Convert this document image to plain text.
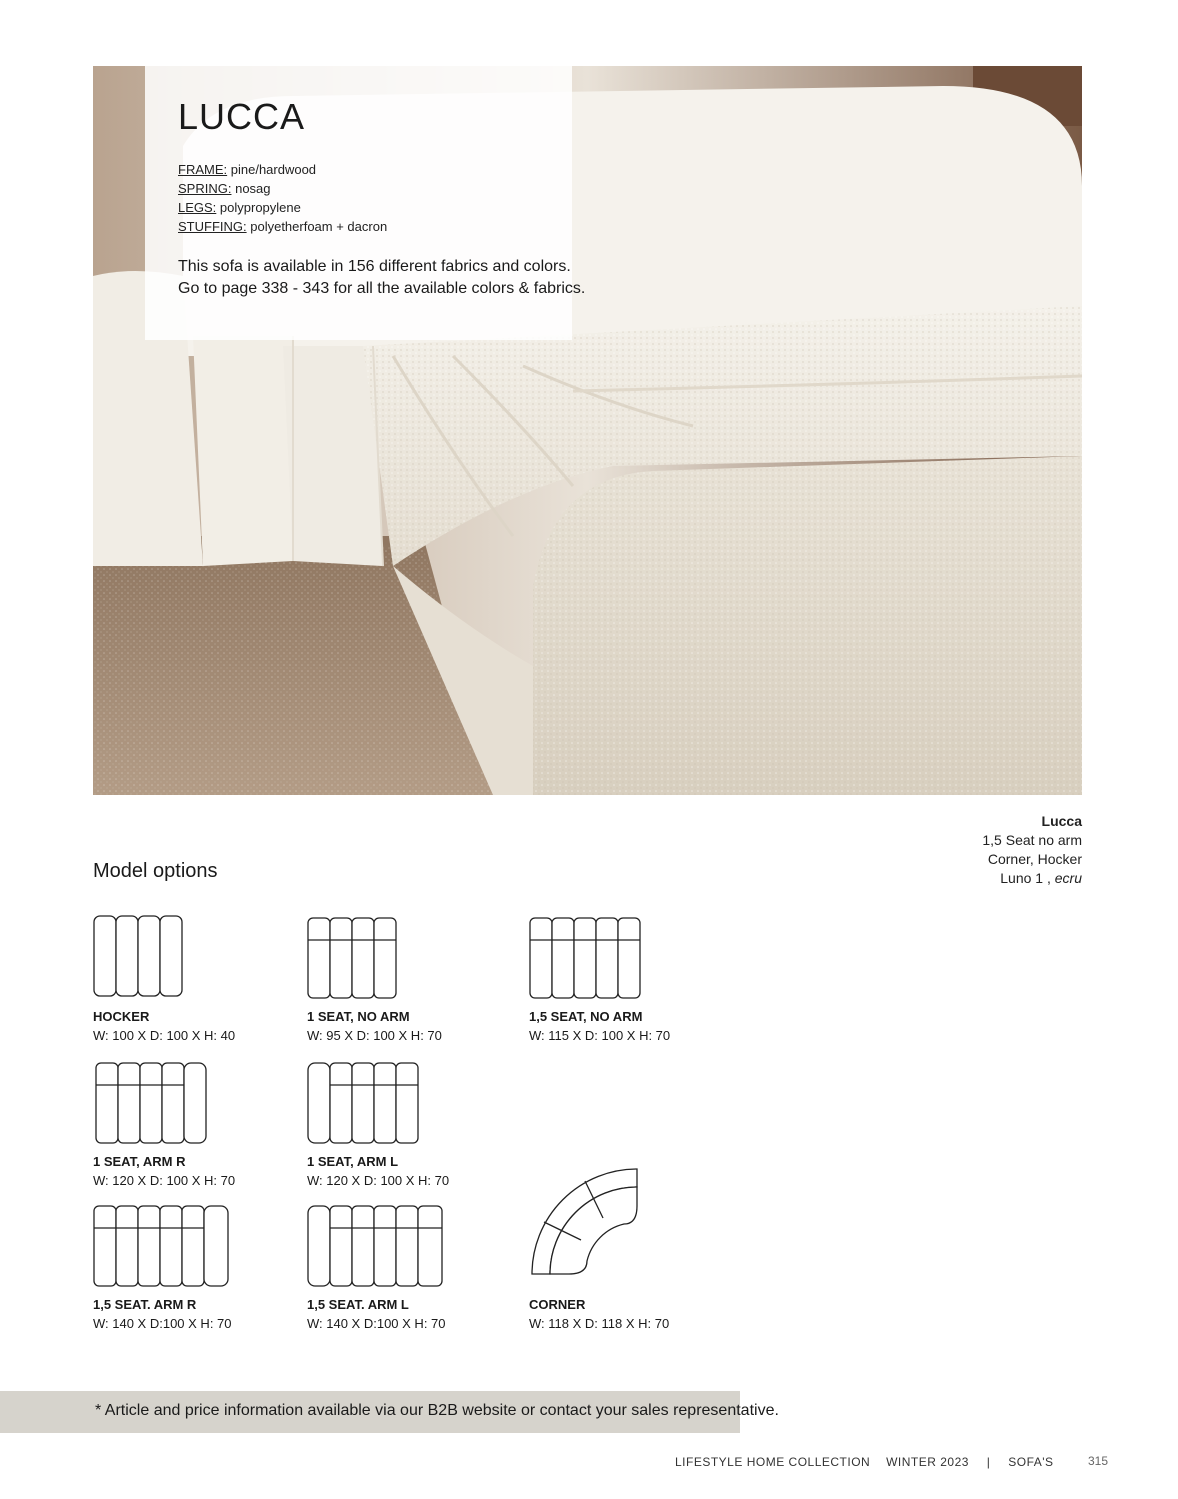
LUCCA
FRAME: pine/hardwood
SPRING: nosag
LEGS: polypropylene
STUFFING: polyetherfoam + dacron
This sofa is available in 156 different fabrics and colors.
Go to page 338 - 343 for all the available colors & fabrics.
Lucca
1,5 Seat no arm
Corner, Hocker
Luno 1 , ecru
Model options
HOCKER
W: 100 X D: 100 X H: 40
1 SEAT, NO ARM
W: 95 X D: 100 X H: 70
1,5 SEAT, NO ARM
W: 115 X D: 100 X H: 70
1 SEAT, ARM R
W: 120 X D: 100 X H: 70
1 SEAT, ARM L
W: 120 X D: 100 X H: 70
1,5 SEAT. ARM R
W: 140 X D:100 X H: 70
1,5 SEAT. ARM L
W: 140 X D:100 X H: 70
CORNER
W: 118 X D: 118 X H: 70
* Article and price information available via our B2B website or contact your sales representative.
LIFESTYLE HOME COLLECTION WINTER 2023 | SOFA'S	315
